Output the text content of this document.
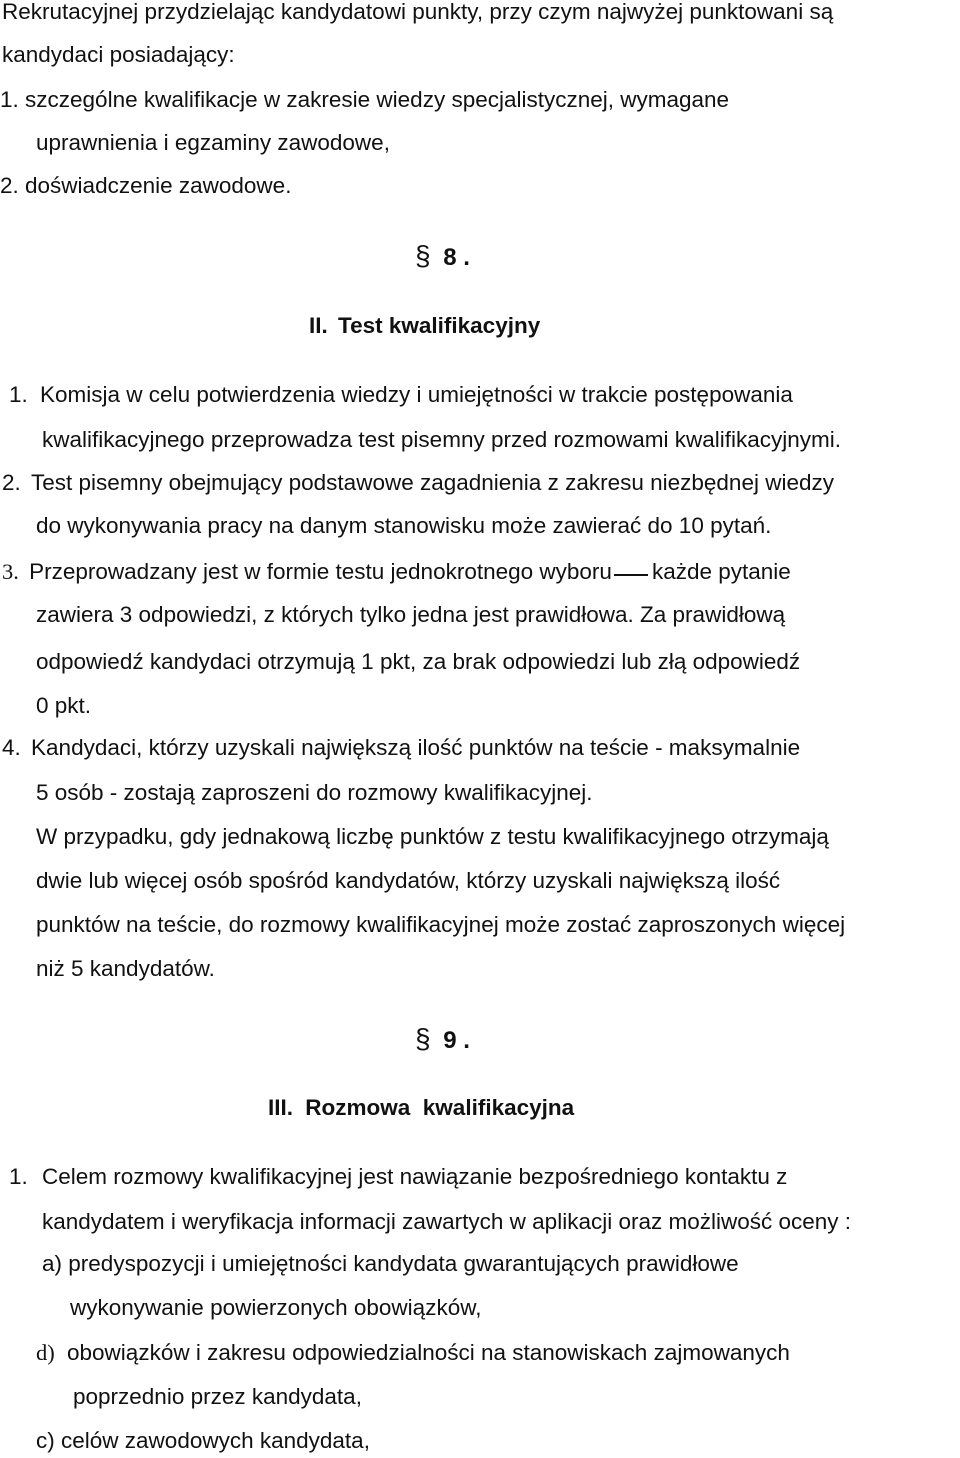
Rekrutacyjnej przydzielając kandydatowi punkty, przy czym najwyżej punktowani są
kandydaci posiadający:
1. szczególne kwalifikacje w zakresie wiedzy specjalistycznej, wymagane
uprawnienia i egzaminy zawodowe,
2. doświadczenie zawodowe.
§ 8 .
II. Test kwalifikacyjny
1. Komisja w celu potwierdzenia wiedzy i umiejętności w trakcie postępowania
kwalifikacyjnego przeprowadza test pisemny przed rozmowami kwalifikacyjnymi.
2. Test pisemny obejmujący podstawowe zagadnienia z zakresu niezbędnej wiedzy
do wykonywania pracy na danym stanowisku może zawierać do 10 pytań.
3. Przeprowadzany jest w formie testu jednokrotnego wyboru każde pytanie
zawiera 3 odpowiedzi, z których tylko jedna jest prawidłowa. Za prawidłową
odpowiedź kandydaci otrzymują 1 pkt, za brak odpowiedzi lub złą odpowiedź
0 pkt.
4. Kandydaci, którzy uzyskali największą ilość punktów na teście - maksymalnie
5 osób - zostają zaproszeni do rozmowy kwalifikacyjnej.
W przypadku, gdy jednakową liczbę punktów z testu kwalifikacyjnego otrzymają
dwie lub więcej osób spośród kandydatów, którzy uzyskali największą ilość
punktów na teście, do rozmowy kwalifikacyjnej może zostać zaproszonych więcej
niż 5 kandydatów.
§ 9 .
III. Rozmowa  kwalifikacyjna
1. Celem rozmowy kwalifikacyjnej jest nawiązanie bezpośredniego kontaktu z
kandydatem i weryfikacja informacji zawartych w aplikacji oraz możliwość oceny :
a) predyspozycji i umiejętności kandydata gwarantujących prawidłowe
wykonywanie powierzonych obowiązków,
d) obowiązków i zakresu odpowiedzialności na stanowiskach zajmowanych
poprzednio przez kandydata,
c) celów zawodowych kandydata,
